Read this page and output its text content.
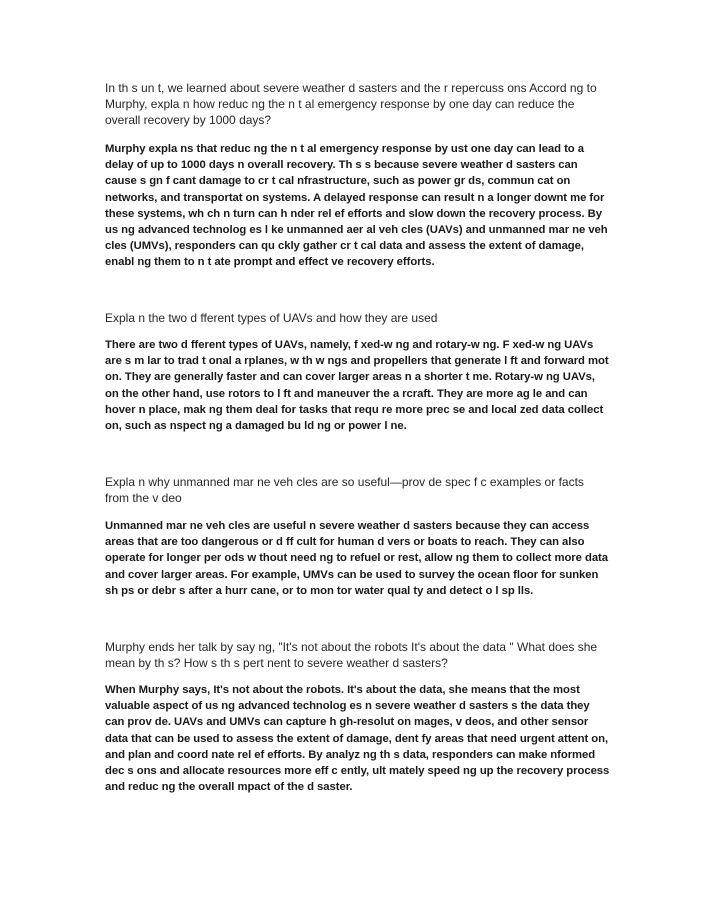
In th s un t, we learned about severe weather d sasters and the r repercuss ons Accord ng to Murphy, expla n how reduc ng the n t al emergency response by one day can reduce the overall recovery by 1000 days?

Murphy expla ns that reduc ng the n t al emergency response by ust one day can lead to a delay of up to 1000 days n overall recovery. Th s s because severe weather d sasters can cause s gn f cant damage to cr t cal nfrastructure, such as power gr ds, commun cat on networks, and transportat on systems. A delayed response can result n a longer downt me for these systems, wh ch n turn can h nder rel ef efforts and slow down the recovery process. By us ng advanced technolog es l ke unmanned aer al veh cles (UAVs) and unmanned mar ne veh cles (UMVs), responders can qu ckly gather cr t cal data and assess the extent of damage, enabl ng them to n t ate prompt and effect ve recovery efforts.

Expla n the two d fferent types of UAVs and how they are used

There are two d fferent types of UAVs, namely, f xed-w ng and rotary-w ng. F xed-w ng UAVs are s m lar to trad t onal a rplanes, w th w ngs and propellers that generate l ft and forward mot on. They are generally faster and can cover larger areas n a shorter t me. Rotary-w ng UAVs, on the other hand, use rotors to l ft and maneuver the a rcraft. They are more ag le and can hover n place, mak ng them deal for tasks that requ re more prec se and local zed data collect on, such as nspect ng a damaged bu ld ng or power l ne.

Expla n why unmanned mar ne veh cles are so useful—prov de spec f c examples or facts from the v deo

Unmanned mar ne veh cles are useful n severe weather d sasters because they can access areas that are too dangerous or d ff cult for human d vers or boats to reach. They can also operate for longer per ods w thout need ng to refuel or rest, allow ng them to collect more data and cover larger areas. For example, UMVs can be used to survey the ocean floor for sunken sh ps or debr s after a hurr cane, or to mon tor water qual ty and detect o l sp lls.

Murphy ends her talk by say ng, "It's not about the robots It's about the data " What does she mean by th s? How s th s pert nent to severe weather d sasters?

When Murphy says, It's not about the robots. It's about the data, she means that the most valuable aspect of us ng advanced technolog es n severe weather d sasters s the data they can prov de. UAVs and UMVs can capture h gh-resolut on mages, v deos, and other sensor data that can be used to assess the extent of damage, dent fy areas that need urgent attent on, and plan and coord nate rel ef efforts. By analyz ng th s data, responders can make nformed dec s ons and allocate resources more eff c ently, ult mately speed ng up the recovery process and reduc ng the overall mpact of the d saster.
